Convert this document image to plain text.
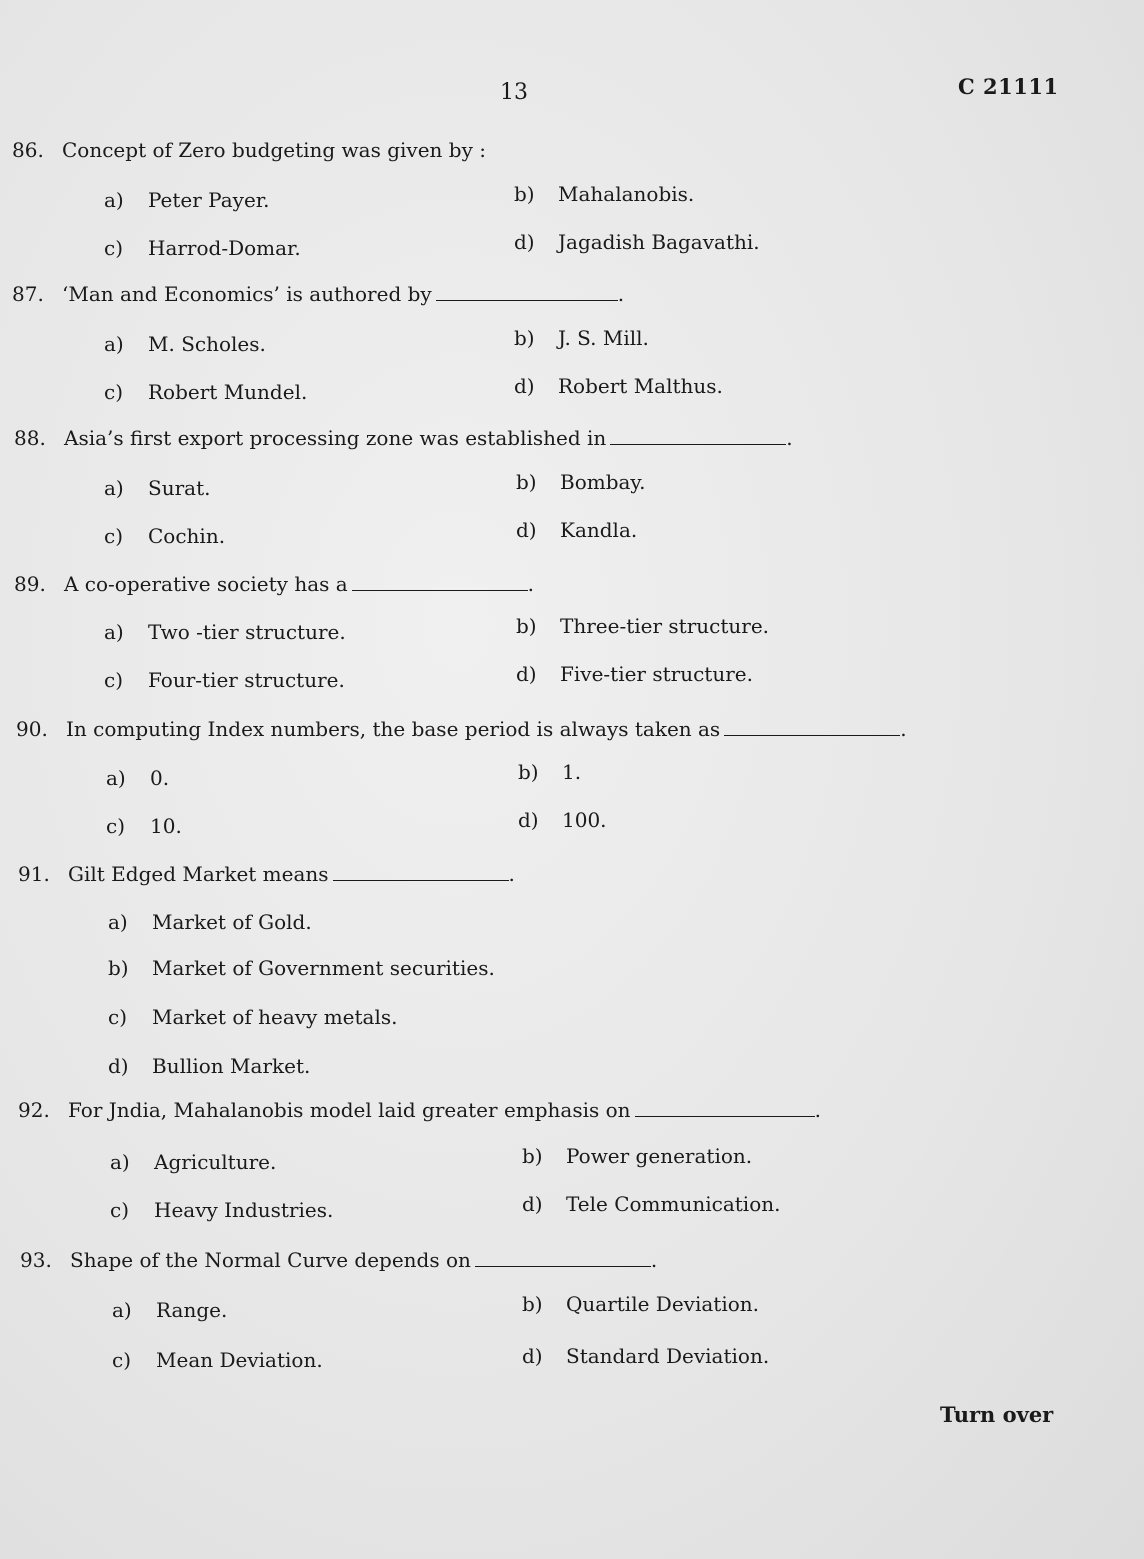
13	C 21111
86. Concept of Zero budgeting was given by :
a) Peter Payer.	b) Mahalanobis.
c) Harrod-Domar.	d) Jagadish Bagavathi.
87. ‘Man and Economics’ is authored by	.
a) M. Scholes.	b) J. S. Mill.
c) Robert Mundel.	d) Robert Malthus.
88. Asia’s first export processing zone was established in	.
a) Surat.	b) Bombay.
c) Cochin.	d) Kandla.
89. A co-operative society has a	.
a) Two -tier structure.	b) Three-tier structure.
c) Four-tier structure.	d) Five-tier structure.
90. In computing Index numbers, the base period is always taken as	.
a) 0.	b) 1.
c) 10.	d) 100.
91. Gilt Edged Market means	.
a) Market of Gold.
b) Market of Government securities.
c) Market of heavy metals.
d) Bullion Market.
92. For Jndia, Mahalanobis model laid greater emphasis on	.
a) Agriculture.	b) Power generation.
c) Heavy Industries.	d) Tele Communication.
93. Shape of the Normal Curve depends on	.
a) Range.	b) Quartile Deviation.
c) Mean Deviation.	d) Standard Deviation.
Turn over
